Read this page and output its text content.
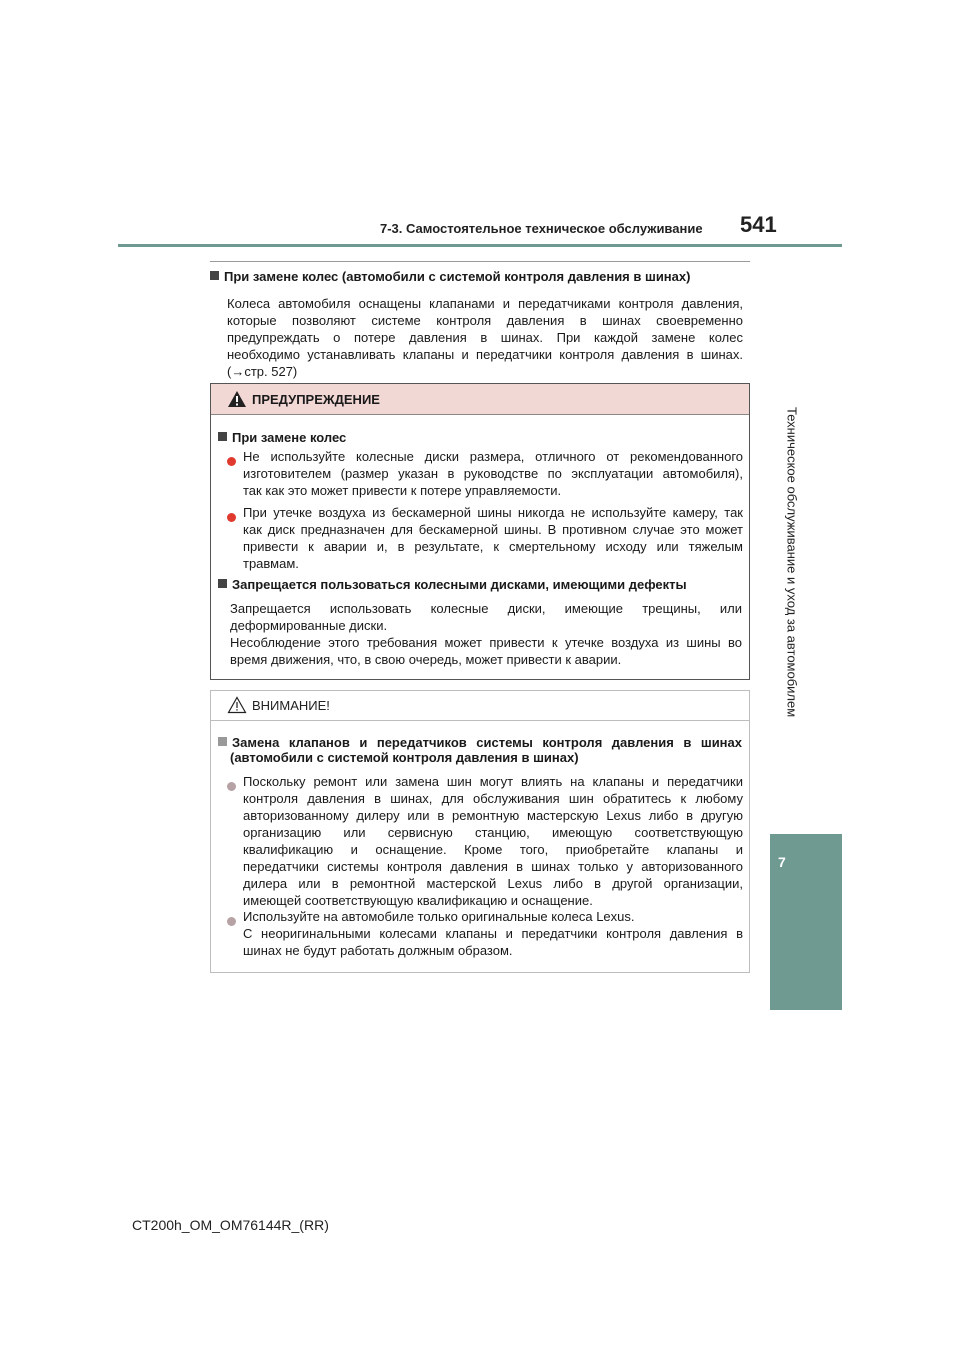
7-3. Самостоятельное техническое обслуживание 541
Техническое обслуживание и уход за автомобилем
7
При замене колес (автомобили с системой контроля давления в шинах)
Колеса автомобиля оснащены клапанами и передатчиками контроля давления,
которые позволяют системе контроля давления в шинах своевременно
предупреждать о потере давления в шинах. При каждой замене колес
необходимо устанавливать клапаны и передатчики контроля давления в шинах.
(→стр. 527)
ПРЕДУПРЕЖДЕНИЕ
При замене колес
Не используйте колесные диски размера, отличного от рекомендованного
изготовителем (размер указан в руководстве по эксплуатации автомобиля),
так как это может привести к потере управляемости.
При утечке воздуха из бескамерной шины никогда не используйте камеру, так
как диск предназначен для бескамерной шины. В противном случае это может
привести к аварии и, в результате, к смертельному исходу или тяжелым
травмам.
Запрещается пользоваться колесными дисками, имеющими дефекты
Запрещается использовать колесные диски, имеющие трещины, или
деформированные диски.
Несоблюдение этого требования может привести к утечке воздуха из шины во
время движения, что, в свою очередь, может привести к аварии.
ВНИМАНИЕ!
Замена клапанов и передатчиков системы контроля давления в шинах
(автомобили с системой контроля давления в шинах)
Поскольку ремонт или замена шин могут влиять на клапаны и передатчики
контроля давления в шинах, для обслуживания шин обратитесь к любому
авторизованному дилеру или в ремонтную мастерскую Lexus либо в другую
организацию или сервисную станцию, имеющую соответствующую
квалификацию и оснащение. Кроме того, приобретайте клапаны и
передатчики системы контроля давления в шинах только у авторизованного
дилера или в ремонтной мастерской Lexus либо в другой организации,
имеющей соответствующую квалификацию и оснащение.
Используйте на автомобиле только оригинальные колеса Lexus.
С неоригинальными колесами клапаны и передатчики контроля давления в
шинах не будут работать должным образом.
CT200h_OM_OM76144R_(RR)
